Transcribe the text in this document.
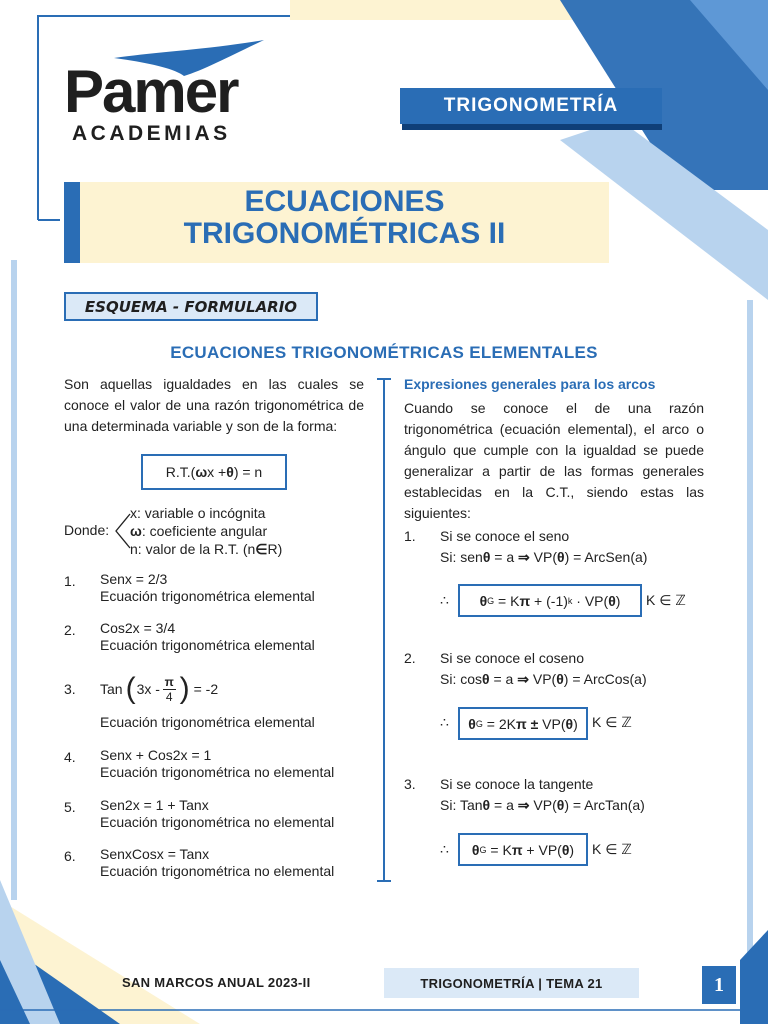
Pamer
ACADEMIAS
TRIGONOMETRÍA
ECUACIONES
TRIGONOMÉTRICAS II
ESQUEMA - FORMULARIO
ECUACIONES TRIGONOMÉTRICAS ELEMENTALES
Son aquellas igualdades en las cuales se conoce el valor de una razón trigonométrica de una determinada variable y son de la forma:
R.T.( ω x + θ ) = n
Donde:
x: variable o incógnita
ω: coeficiente angular
n: valor de la R.T. (n∈R)
1.	Senx = 2/3
Ecuación trigonométrica elemental
2.	Cos2x = 3/4
Ecuación trigonométrica elemental
3.	Tan ( $3x - \frac{\pi}{4}$ ) = -2
Ecuación trigonométrica elemental
4.	Senx + Cos2x = 1
Ecuación trigonométrica no elemental
5.	Sen2x = 1 + Tanx
Ecuación trigonométrica no elemental
6.	SenxCosx = Tanx
Ecuación trigonométrica no elemental
Expresiones generales para los arcos
Cuando se conoce el de una razón trigonométrica (ecuación elemental), el arco o ángulo que cumple con la igualdad se puede generalizar a partir de las formas generales establecidas en la C.T., siendo estas las siguientes:
1. Si se conoce el seno
Si: senθ = a ⇒ VP(θ) = ArcSen(a)
∴ θ G = K π + (-1) k · VP( θ )	K ∈ ℤ
2. Si se conoce el coseno
Si: cosθ = a ⇒ VP(θ) = ArcCos(a)
∴ θ G = 2K π
± VP( θ )	K ∈ ℤ
3. Si se conoce la tangente
Si: Tanθ = a ⇒ VP(θ) = ArcTan(a)
∴ θ G = K π + VP( θ )	K ∈ ℤ
SAN MARCOS ANUAL 2023-II	TRIGONOMETRÍA | TEMA 21	1
